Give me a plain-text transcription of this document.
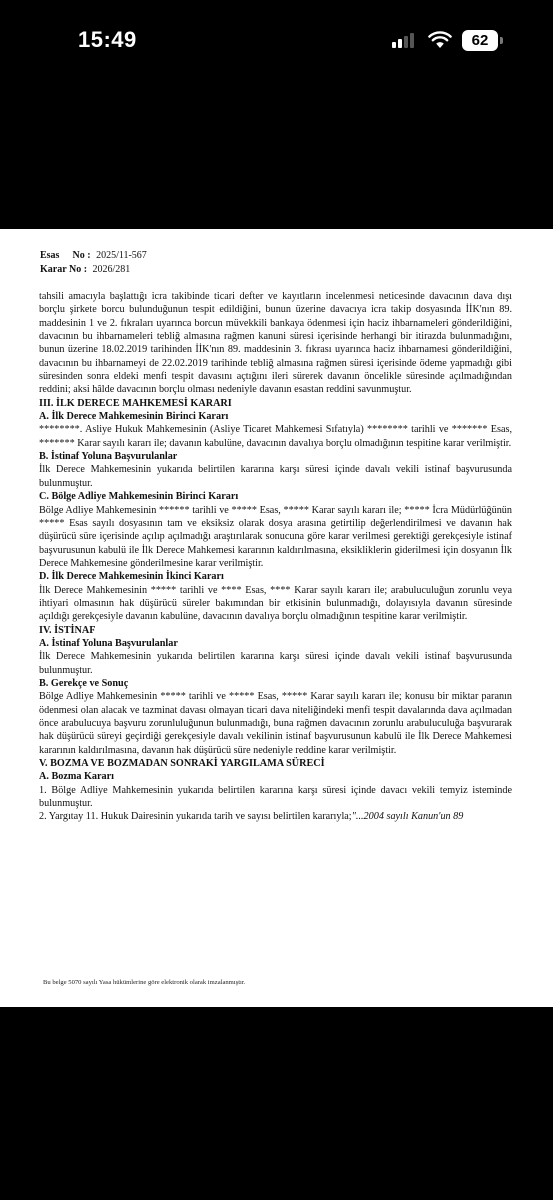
15:49	62
Esas No : 2025/11-567
Karar No : 2026/281

tahsili amacıyla başlattığı icra takibinde ticari defter ve kayıtların incelenmesi neticesinde davacının dava dışı borçlu şirkete borcu bulunduğunun tespit edildiğini, bunun üzerine davacıya icra takip dosyasında İİK'nın 89. maddesinin 1 ve 2. fıkraları uyarınca borcun müvekkili bankaya ödenmesi için haciz ihbarnameleri gönderildiğini, davacının bu ihbarnameleri tebliğ almasına rağmen kanuni süresi içerisinde herhangi bir itirazda bulunmadığını, bunun üzerine 18.02.2019 tarihinden İİK'nın 89. maddesinin 3. fıkrası uyarınca haciz ihbarnamesi gönderildiğini, davacının bu ihbarnameyi de 22.02.2019 tarihinde tebliğ almasına rağmen süresi içerisinde ödeme yapmadığı gibi süresinden sonra eldeki menfi tespit davasını açtığını ileri sürerek davanın öncelikle süresinde açılmadığından reddini; aksi hâlde davacının borçlu olması nedeniyle davanın esastan reddini savunmuştur.

III. İLK DERECE MAHKEMESİ KARARI

A. İlk Derece Mahkemesinin Birinci Kararı

********. Asliye Hukuk Mahkemesinin (Asliye Ticaret Mahkemesi Sıfatıyla) ******** tarihli ve ******* Esas, ******* Karar sayılı kararı ile; davanın kabulüne, davacının davalıya borçlu olmadığının tespitine karar verilmiştir.

B. İstinaf Yoluna Başvurulanlar

İlk Derece Mahkemesinin yukarıda belirtilen kararına karşı süresi içinde davalı vekili istinaf başvurusunda bulunmuştur.

C. Bölge Adliye Mahkemesinin Birinci Kararı

Bölge Adliye Mahkemesinin ****** tarihli ve ***** Esas, ***** Karar sayılı kararı ile; ***** İcra Müdürlüğünün ***** Esas sayılı dosyasının tam ve eksiksiz olarak dosya arasına getirtilip değerlendirilmesi ve davanın hak düşürücü süre içerisinde açılıp açılmadığı araştırılarak sonucuna göre karar verilmesi gerektiği gerekçesiyle istinaf başvurusunun kabulü ile İlk Derece Mahkemesi kararının kaldırılmasına, eksikliklerin giderilmesi için dosyanın İlk Derece Mahkemesine gönderilmesine karar verilmiştir.

D. İlk Derece Mahkemesinin İkinci Kararı

İlk Derece Mahkemesinin ***** tarihli ve **** Esas, **** Karar sayılı kararı ile; arabuluculuğun zorunlu veya ihtiyari olmasının hak düşürücü süreler bakımından bir etkisinin bulunmadığı, dolayısıyla davanın süresinde açıldığı gerekçesiyle davanın kabulüne, davacının davalıya borçlu olmadığının tespitine karar verilmiştir.

IV. İSTİNAF

A. İstinaf Yoluna Başvurulanlar

İlk Derece Mahkemesinin yukarıda belirtilen kararına karşı süresi içinde davalı vekili istinaf başvurusunda bulunmuştur.

B. Gerekçe ve Sonuç

Bölge Adliye Mahkemesinin ***** tarihli ve ***** Esas, ***** Karar sayılı kararı ile; konusu bir miktar paranın ödenmesi olan alacak ve tazminat davası olmayan ticari dava niteliğindeki menfi tespit davalarında dava açılmadan önce arabulucuya başvuru zorunluluğunun bulunmadığı, buna rağmen davacının zorunlu arabuluculuğa başvurarak hak düşürücü süreyi geçirdiği gerekçesiyle davalı vekilinin istinaf başvurusunun kabulü ile İlk Derece Mahkemesi kararının kaldırılmasına, davanın hak düşürücü süre nedeniyle reddine karar verilmiştir.

V. BOZMA VE BOZMADAN SONRAKİ YARGILAMA SÜRECİ

A. Bozma Kararı

1. Bölge Adliye Mahkemesinin yukarıda belirtilen kararına karşı süresi içinde davacı vekili temyiz isteminde bulunmuştur.

2. Yargıtay 11. Hukuk Dairesinin yukarıda tarih ve sayısı belirtilen kararıyla;"...2004 sayılı Kanun'un 89

Bu belge 5070 sayılı Yasa hükümlerine göre elektronik olarak imzalanmıştır.
